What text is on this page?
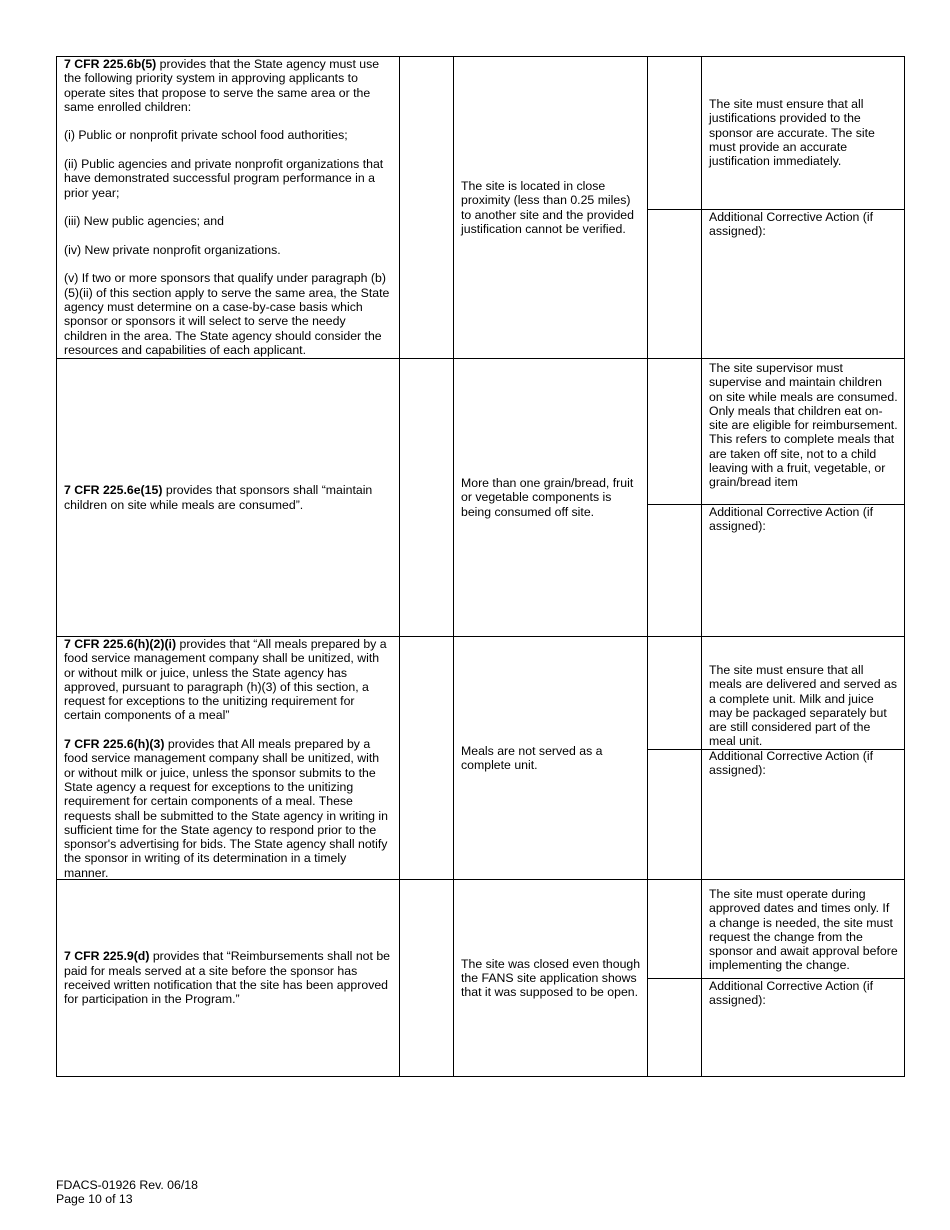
7 CFR 225.6b(5) provides that the State agency must use the following priority system in approving applicants to operate sites that propose to serve the same area or the same enrolled children:

(i) Public or nonprofit private school food authorities;

(ii) Public agencies and private nonprofit organizations that have demonstrated successful program performance in a prior year;

(iii) New public agencies; and

(iv) New private nonprofit organizations.

(v) If two or more sponsors that qualify under paragraph (b)(5)(ii) of this section apply to serve the same area, the State agency must determine on a case-by-case basis which sponsor or sponsors it will select to serve the needy children in the area. The State agency should consider the resources and capabilities of each applicant.

The site is located in close proximity (less than 0.25 miles) to another site and the provided justification cannot be verified.

The site must ensure that all justifications provided to the sponsor are accurate. The site must provide an accurate justification immediately.

Additional Corrective Action (if assigned):

7 CFR 225.6e(15) provides that sponsors shall “maintain children on site while meals are consumed”.

More than one grain/bread, fruit or vegetable components is being consumed off site.

The site supervisor must supervise and maintain children on site while meals are consumed. Only meals that children eat on-site are eligible for reimbursement. This refers to complete meals that are taken off site, not to a child leaving with a fruit, vegetable, or grain/bread item

Additional Corrective Action (if assigned):

7 CFR 225.6(h)(2)(i) provides that “All meals prepared by a food service management company shall be unitized, with or without milk or juice, unless the State agency has approved, pursuant to paragraph (h)(3) of this section, a request for exceptions to the unitizing requirement for certain components of a meal”

7 CFR 225.6(h)(3) provides that All meals prepared by a food service management company shall be unitized, with or without milk or juice, unless the sponsor submits to the State agency a request for exceptions to the unitizing requirement for certain components of a meal. These requests shall be submitted to the State agency in writing in sufficient time for the State agency to respond prior to the sponsor's advertising for bids. The State agency shall notify the sponsor in writing of its determination in a timely manner.

Meals are not served as a complete unit.

The site must ensure that all meals are delivered and served as a complete unit. Milk and juice may be packaged separately but are still considered part of the meal unit.

Additional Corrective Action (if assigned):

7 CFR 225.9(d) provides that “Reimbursements shall not be paid for meals served at a site before the sponsor has received written notification that the site has been approved for participation in the Program.”

The site was closed even though the FANS site application shows that it was supposed to be open.

The site must operate during approved dates and times only. If a change is needed, the site must request the change from the sponsor and await approval before implementing the change.

Additional Corrective Action (if assigned):

FDACS-01926 Rev. 06/18
Page 10 of 13
